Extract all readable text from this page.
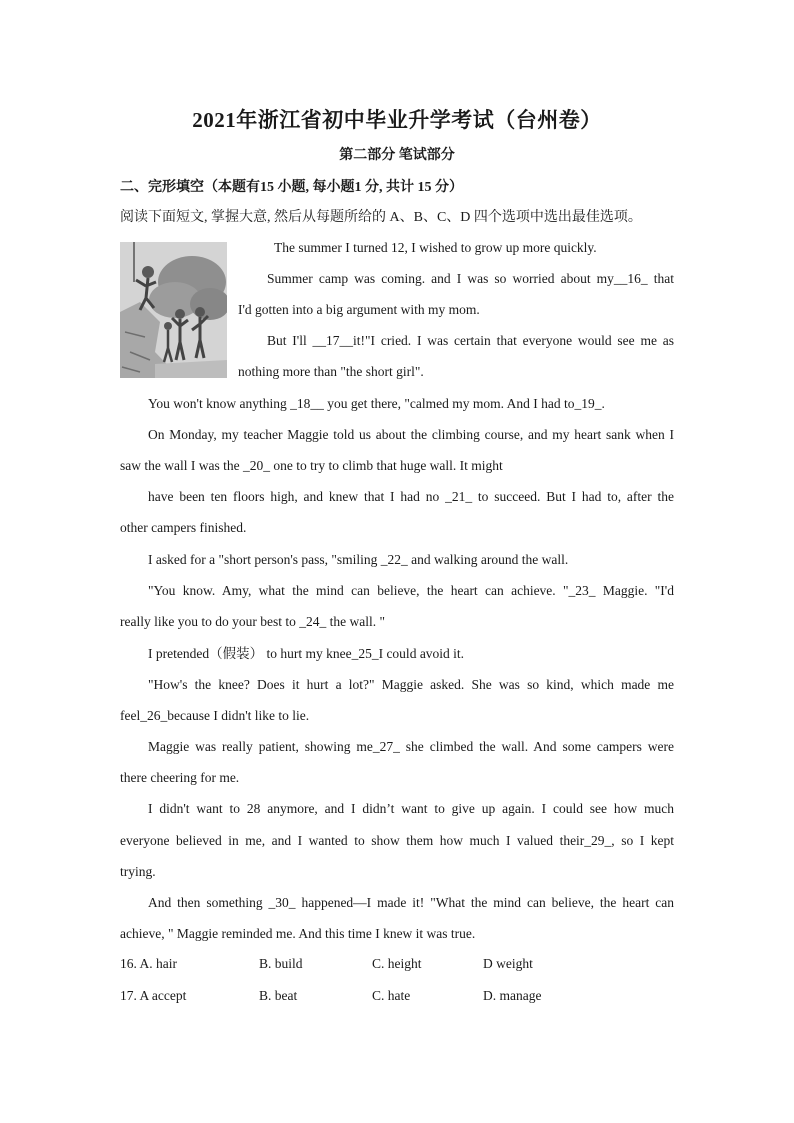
2021年浙江省初中毕业升学考试（台州卷）
第二部分 笔试部分
二、完形填空（本题有15 小题, 每小题1 分, 共计 15 分）
阅读下面短文, 掌握大意, 然后从每题所给的 A、B、C、D 四个选项中选出最佳选项。
The summer I turned 12, I wished to grow up more quickly.
Summer camp was coming. and I was so worried about my__16_ that
I'd gotten into a big argument with my mom.
But I'll __17__it!"I cried. I was certain that everyone would see me as
nothing more than "the short girl".
You won't know anything _18__ you get there, "calmed my mom. And I had to_19_.
On Monday, my teacher Maggie told us about the climbing course, and my heart sank when I
saw the wall I was the _20_ one to try to climb that huge wall. It might
have been ten floors high, and knew that I had no _21_ to succeed. But I had to, after the
other campers finished.
I asked for a "short person's pass, "smiling _22_ and walking around the wall.
"You know. Amy, what the mind can believe, the heart can achieve. "_23_ Maggie. "I'd
really like you to do your best to _24_ the wall. "
I pretended（假装） to hurt my knee_25_I could avoid it.
"How's the knee? Does it hurt a lot?" Maggie asked. She was so kind, which made me
feel_26_because I didn't like to lie.
Maggie was really patient, showing me_27_ she climbed the wall. And some campers were
there cheering for me.
I didn't want to 28 anymore, and I didn’t want to give up again. I could see how much
everyone believed in me, and I wanted to show them how much I valued their_29_, so I kept
trying.
And then something _30_ happened—I made it! "What the mind can believe, the heart can
achieve, " Maggie reminded me. And this time I knew it was true.
16. A. hair	B. build	C. height	D weight
17. A accept	B. beat	C. hate	D. manage
